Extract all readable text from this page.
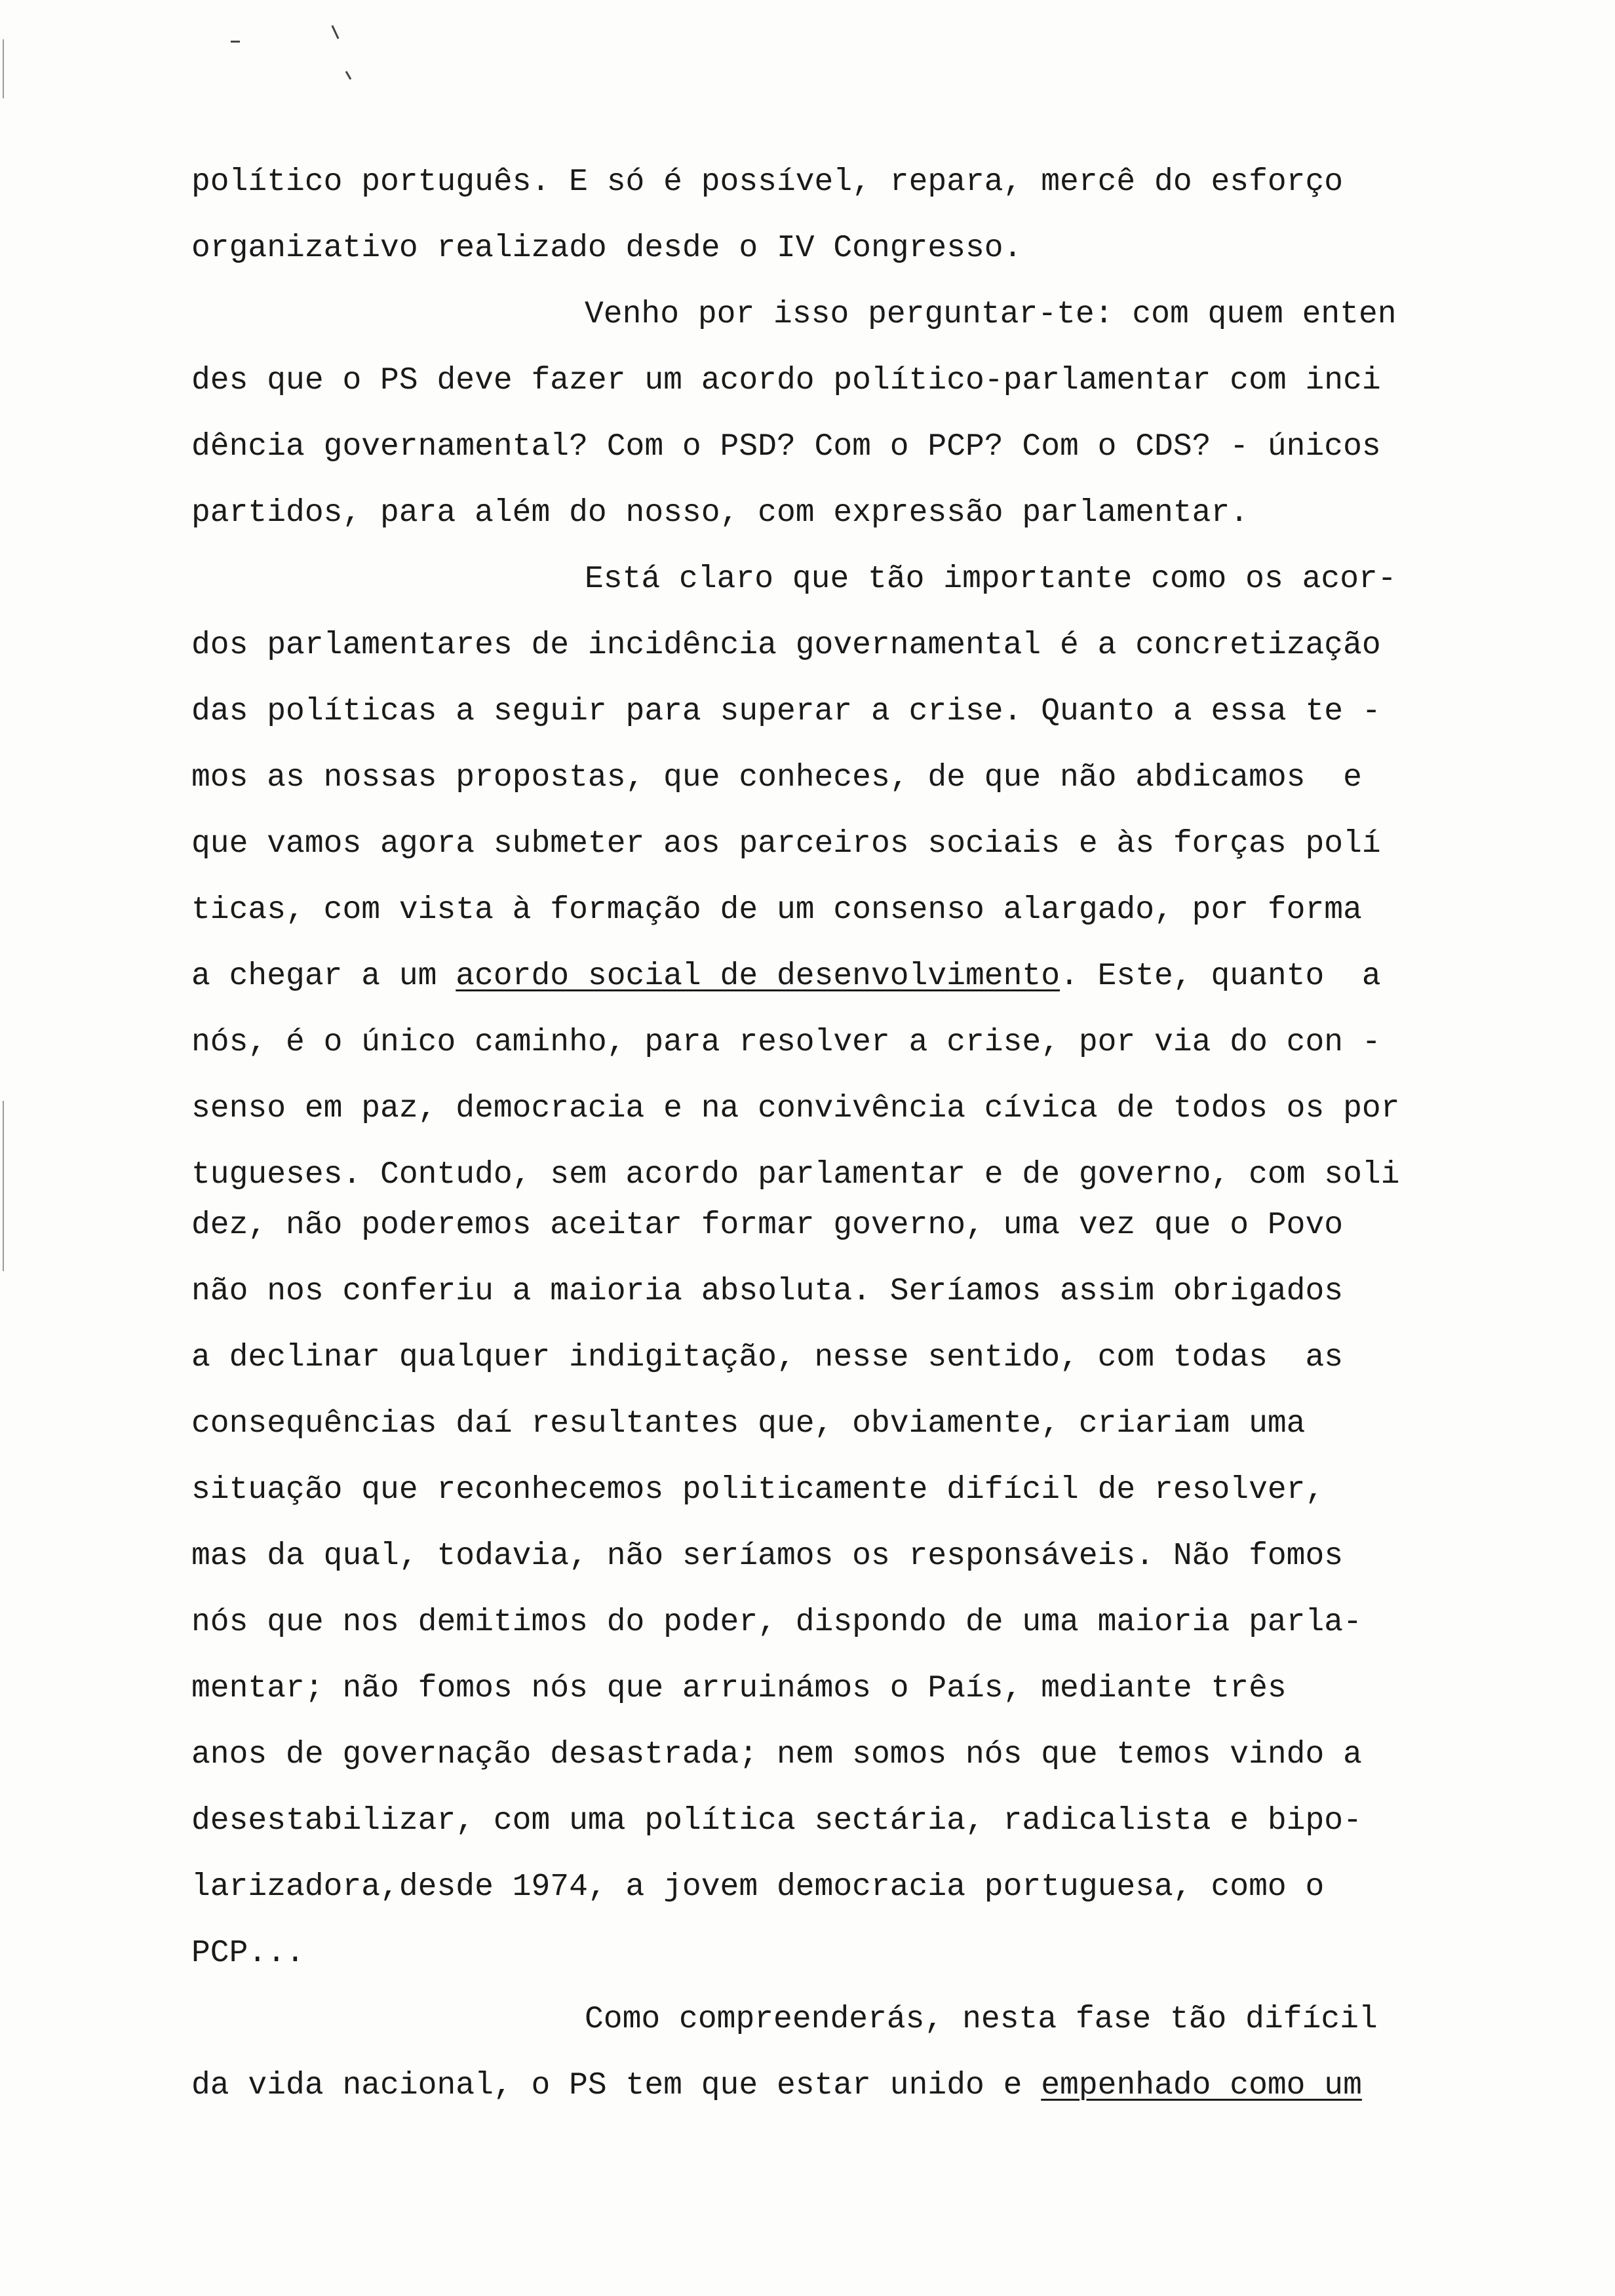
político português. E só é possível, repara, mercê do esforço
organizativo realizado desde o IV Congresso.
Venho por isso perguntar-te: com quem enten
des que o PS deve fazer um acordo político-parlamentar com inci
dência governamental? Com o PSD? Com o PCP? Com o CDS? - únicos
partidos, para além do nosso, com expressão parlamentar.
Está claro que tão importante como os acor-
dos parlamentares de incidência governamental é a concretização
das políticas a seguir para superar a crise. Quanto a essa te -
mos as nossas propostas, que conheces, de que não abdicamos  e
que vamos agora submeter aos parceiros sociais e às forças polí
ticas, com vista à formação de um consenso alargado, por forma
a chegar a um acordo social de desenvolvimento. Este, quanto  a
nós, é o único caminho, para resolver a crise, por via do con -
senso em paz, democracia e na convivência cívica de todos os por
tugueses. Contudo, sem acordo parlamentar e de governo, com soli
dez, não poderemos aceitar formar governo, uma vez que o Povo
não nos conferiu a maioria absoluta. Seríamos assim obrigados
a declinar qualquer indigitação, nesse sentido, com todas  as
consequências daí resultantes que, obviamente, criariam uma
situação que reconhecemos politicamente difícil de resolver,
mas da qual, todavia, não seríamos os responsáveis. Não fomos
nós que nos demitimos do poder, dispondo de uma maioria parla-
mentar; não fomos nós que arruinámos o País, mediante três
anos de governação desastrada; nem somos nós que temos vindo a
desestabilizar, com uma política sectária, radicalista e bipo-
larizadora,desde 1974, a jovem democracia portuguesa, como o
PCP...
Como compreenderás, nesta fase tão difícil
da vida nacional, o PS tem que estar unido e empenhado como um
